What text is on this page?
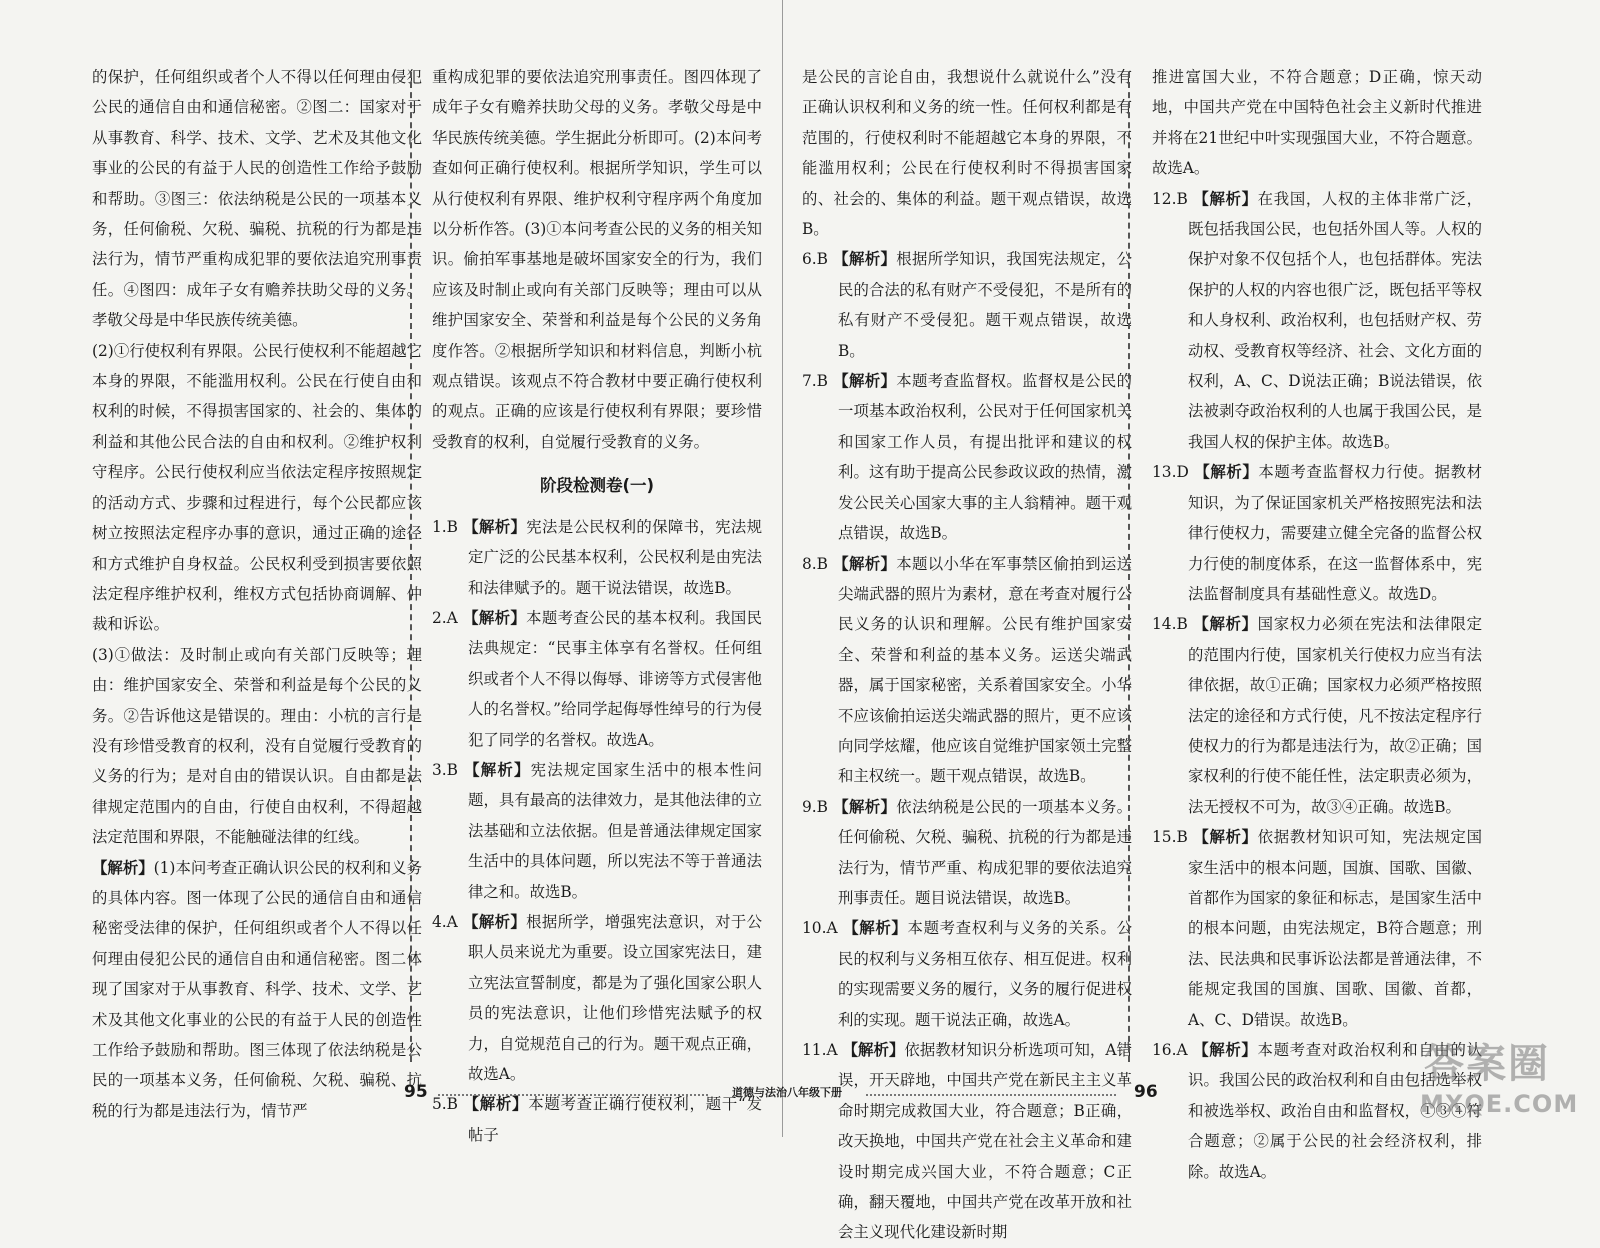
的保护，任何组织或者个人不得以任何理由侵犯公民的通信自由和通信秘密。②图二：国家对于从事教育、科学、技术、文学、艺术及其他文化事业的公民的有益于人民的创造性工作给予鼓励和帮助。③图三：依法纳税是公民的一项基本义务，任何偷税、欠税、骗税、抗税的行为都是违法行为，情节严重构成犯罪的要依法追究刑事责任。④图四：成年子女有赡养扶助父母的义务。孝敬父母是中华民族传统美德。

(2)①行使权利有界限。公民行使权利不能超越它本身的界限，不能滥用权利。公民在行使自由和权利的时候，不得损害国家的、社会的、集体的利益和其他公民合法的自由和权利。②维护权利守程序。公民行使权利应当依法定程序按照规定的活动方式、步骤和过程进行，每个公民都应该树立按照法定程序办事的意识，通过正确的途径和方式维护自身权益。公民权利受到损害要依照法定程序维护权利，维权方式包括协商调解、仲裁和诉讼。

(3)①做法：及时制止或向有关部门反映等；理由：维护国家安全、荣誉和利益是每个公民的义务。②告诉他这是错误的。理由：小杭的言行是没有珍惜受教育的权利，没有自觉履行受教育的义务的行为；是对自由的错误认识。自由都是法律规定范围内的自由，行使自由权利，不得超越法定范围和界限，不能触碰法律的红线。

【解析】(1)本问考查正确认识公民的权利和义务的具体内容。图一体现了公民的通信自由和通信秘密受法律的保护，任何组织或者个人不得以任何理由侵犯公民的通信自由和通信秘密。图二体现了国家对于从事教育、科学、技术、文学、艺术及其他文化事业的公民的有益于人民的创造性工作给予鼓励和帮助。图三体现了依法纳税是公民的一项基本义务，任何偷税、欠税、骗税、抗税的行为都是违法行为，情节严

重构成犯罪的要依法追究刑事责任。图四体现了成年子女有赡养扶助父母的义务。孝敬父母是中华民族传统美德。学生据此分析即可。(2)本问考查如何正确行使权利。根据所学知识，学生可以从行使权利有界限、维护权利守程序两个角度加以分析作答。(3)①本问考查公民的义务的相关知识。偷拍军事基地是破坏国家安全的行为，我们应该及时制止或向有关部门反映等；理由可以从维护国家安全、荣誉和利益是每个公民的义务角度作答。②根据所学知识和材料信息，判断小杭观点错误。该观点不符合教材中要正确行使权利的观点。正确的应该是行使权利有界限；要珍惜受教育的权利，自觉履行受教育的义务。

阶段检测卷(一)

1.B 【解析】宪法是公民权利的保障书，宪法规定广泛的公民基本权利，公民权利是由宪法和法律赋予的。题干说法错误，故选B。

2.A 【解析】本题考查公民的基本权利。我国民法典规定：“民事主体享有名誉权。任何组织或者个人不得以侮辱、诽谤等方式侵害他人的名誉权。”给同学起侮辱性绰号的行为侵犯了同学的名誉权。故选A。

3.B 【解析】宪法规定国家生活中的根本性问题，具有最高的法律效力，是其他法律的立法基础和立法依据。但是普通法律规定国家生活中的具体问题，所以宪法不等于普通法律之和。故选B。

4.A 【解析】根据所学，增强宪法意识，对于公职人员来说尤为重要。设立国家宪法日，建立宪法宣誓制度，都是为了强化国家公职人员的宪法意识，让他们珍惜宪法赋予的权力，自觉规范自己的行为。题干观点正确，故选A。

5.B 【解析】本题考查正确行使权利，题干“发帖子

是公民的言论自由，我想说什么就说什么”没有正确认识权利和义务的统一性。任何权利都是有范围的，行使权利时不能超越它本身的界限，不能滥用权利；公民在行使权利时不得损害国家的、社会的、集体的利益。题干观点错误，故选B。

6.B 【解析】根据所学知识，我国宪法规定，公民的合法的私有财产不受侵犯，不是所有的私有财产不受侵犯。题干观点错误，故选B。

7.B 【解析】本题考查监督权。监督权是公民的一项基本政治权利，公民对于任何国家机关和国家工作人员，有提出批评和建议的权利。这有助于提高公民参政议政的热情，激发公民关心国家大事的主人翁精神。题干观点错误，故选B。

8.B 【解析】本题以小华在军事禁区偷拍到运送尖端武器的照片为素材，意在考查对履行公民义务的认识和理解。公民有维护国家安全、荣誉和利益的基本义务。运送尖端武器，属于国家秘密，关系着国家安全。小华不应该偷拍运送尖端武器的照片，更不应该向同学炫耀，他应该自觉维护国家领土完整和主权统一。题干观点错误，故选B。

9.B 【解析】依法纳税是公民的一项基本义务。任何偷税、欠税、骗税、抗税的行为都是违法行为，情节严重、构成犯罪的要依法追究刑事责任。题目说法错误，故选B。

10.A 【解析】本题考查权利与义务的关系。公民的权利与义务相互依存、相互促进。权利的实现需要义务的履行，义务的履行促进权利的实现。题干说法正确，故选A。

11.A 【解析】依据教材知识分析选项可知，A错误，开天辟地，中国共产党在新民主主义革命时期完成救国大业，符合题意；B正确，改天换地，中国共产党在社会主义革命和建设时期完成兴国大业，不符合题意；C正确，翻天覆地，中国共产党在改革开放和社会主义现代化建设新时期

推进富国大业，不符合题意；D正确，惊天动地，中国共产党在中国特色社会主义新时代推进并将在21世纪中叶实现强国大业，不符合题意。故选A。

12.B 【解析】在我国，人权的主体非常广泛，既包括我国公民，也包括外国人等。人权的保护对象不仅包括个人，也包括群体。宪法保护的人权的内容也很广泛，既包括平等权和人身权利、政治权利，也包括财产权、劳动权、受教育权等经济、社会、文化方面的权利，A、C、D说法正确；B说法错误，依法被剥夺政治权利的人也属于我国公民，是我国人权的保护主体。故选B。

13.D 【解析】本题考查监督权力行使。据教材知识，为了保证国家机关严格按照宪法和法律行使权力，需要建立健全完备的监督公权力行使的制度体系，在这一监督体系中，宪法监督制度具有基础性意义。故选D。

14.B 【解析】国家权力必须在宪法和法律限定的范围内行使，国家机关行使权力应当有法律依据，故①正确；国家权力必须严格按照法定的途径和方式行使，凡不按法定程序行使权力的行为都是违法行为，故②正确；国家权利的行使不能任性，法定职责必须为，法无授权不可为，故③④正确。故选B。

15.B 【解析】依据教材知识可知，宪法规定国家生活中的根本问题，国旗、国歌、国徽、首都作为国家的象征和标志，是国家生活中的根本问题，由宪法规定，B符合题意；刑法、民法典和民事诉讼法都是普通法律，不能规定我国的国旗、国歌、国徽、首都，A、C、D错误。故选B。

16.A 【解析】本题考查对政治权利和自由的认识。我国公民的政治权利和自由包括选举权和被选举权、政治自由和监督权，①③④符合题意；②属于公民的社会经济权利，排除。故选A。

95	道德与法治八年级下册	96
答案圈
MXQE.COM
